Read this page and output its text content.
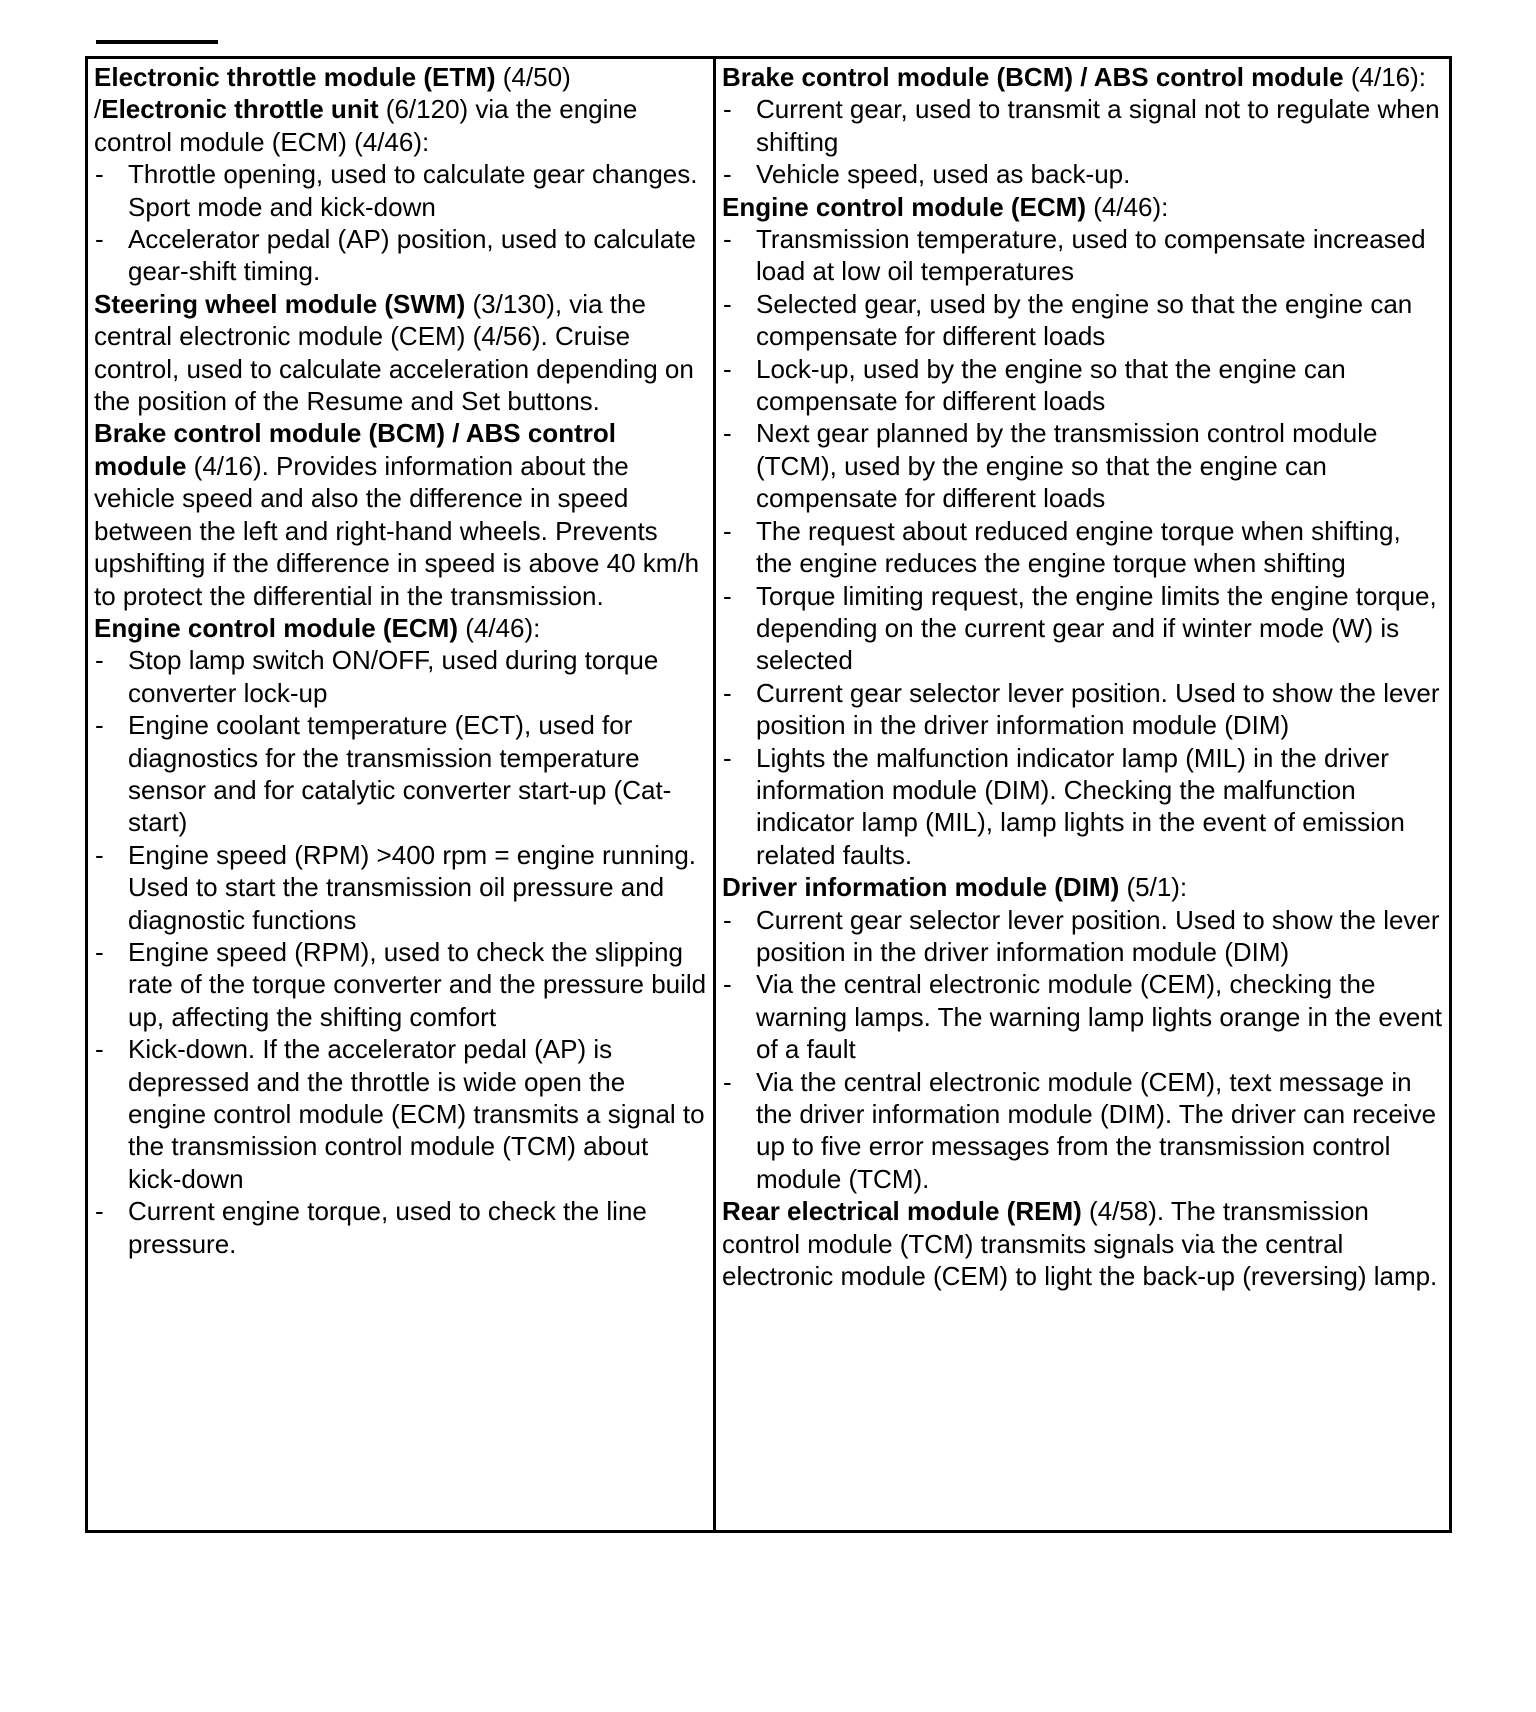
Electronic throttle module (ETM) (4/50) /Electronic throttle unit (6/120) via the engine control module (ECM) (4/46):
- Throttle opening, used to calculate gear changes. Sport mode and kick-down
- Accelerator pedal (AP) position, used to calculate gear-shift timing.
Steering wheel module (SWM) (3/130), via the central electronic module (CEM) (4/56). Cruise control, used to calculate acceleration depending on the position of the Resume and Set buttons.
Brake control module (BCM) / ABS control module (4/16). Provides information about the vehicle speed and also the difference in speed between the left and right-hand wheels. Prevents upshifting if the difference in speed is above 40 km/h to protect the differential in the transmission.
Engine control module (ECM) (4/46):
- Stop lamp switch ON/OFF, used during torque converter lock-up
- Engine coolant temperature (ECT), used for diagnostics for the transmission temperature sensor and for catalytic converter start-up (Cat-start)
- Engine speed (RPM) >400 rpm = engine running. Used to start the transmission oil pressure and diagnostic functions
- Engine speed (RPM), used to check the slipping rate of the torque converter and the pressure build up, affecting the shifting comfort
- Kick-down. If the accelerator pedal (AP) is depressed and the throttle is wide open the engine control module (ECM) transmits a signal to the transmission control module (TCM) about kick-down
- Current engine torque, used to check the line pressure.
Brake control module (BCM) / ABS control module (4/16):
- Current gear, used to transmit a signal not to regulate when shifting
- Vehicle speed, used as back-up.
Engine control module (ECM) (4/46):
- Transmission temperature, used to compensate increased load at low oil temperatures
- Selected gear, used by the engine so that the engine can compensate for different loads
- Lock-up, used by the engine so that the engine can compensate for different loads
- Next gear planned by the transmission control module (TCM), used by the engine so that the engine can compensate for different loads
- The request about reduced engine torque when shifting, the engine reduces the engine torque when shifting
- Torque limiting request, the engine limits the engine torque, depending on the current gear and if winter mode (W) is selected
- Current gear selector lever position. Used to show the lever position in the driver information module (DIM)
- Lights the malfunction indicator lamp (MIL) in the driver information module (DIM). Checking the malfunction indicator lamp (MIL), lamp lights in the event of emission related faults.
Driver information module (DIM) (5/1):
- Current gear selector lever position. Used to show the lever position in the driver information module (DIM)
- Via the central electronic module (CEM), checking the warning lamps. The warning lamp lights orange in the event of a fault
- Via the central electronic module (CEM), text message in the driver information module (DIM). The driver can receive up to five error messages from the transmission control module (TCM).
Rear electrical module (REM) (4/58). The transmission control module (TCM) transmits signals via the central electronic module (CEM) to light the back-up (reversing) lamp.
